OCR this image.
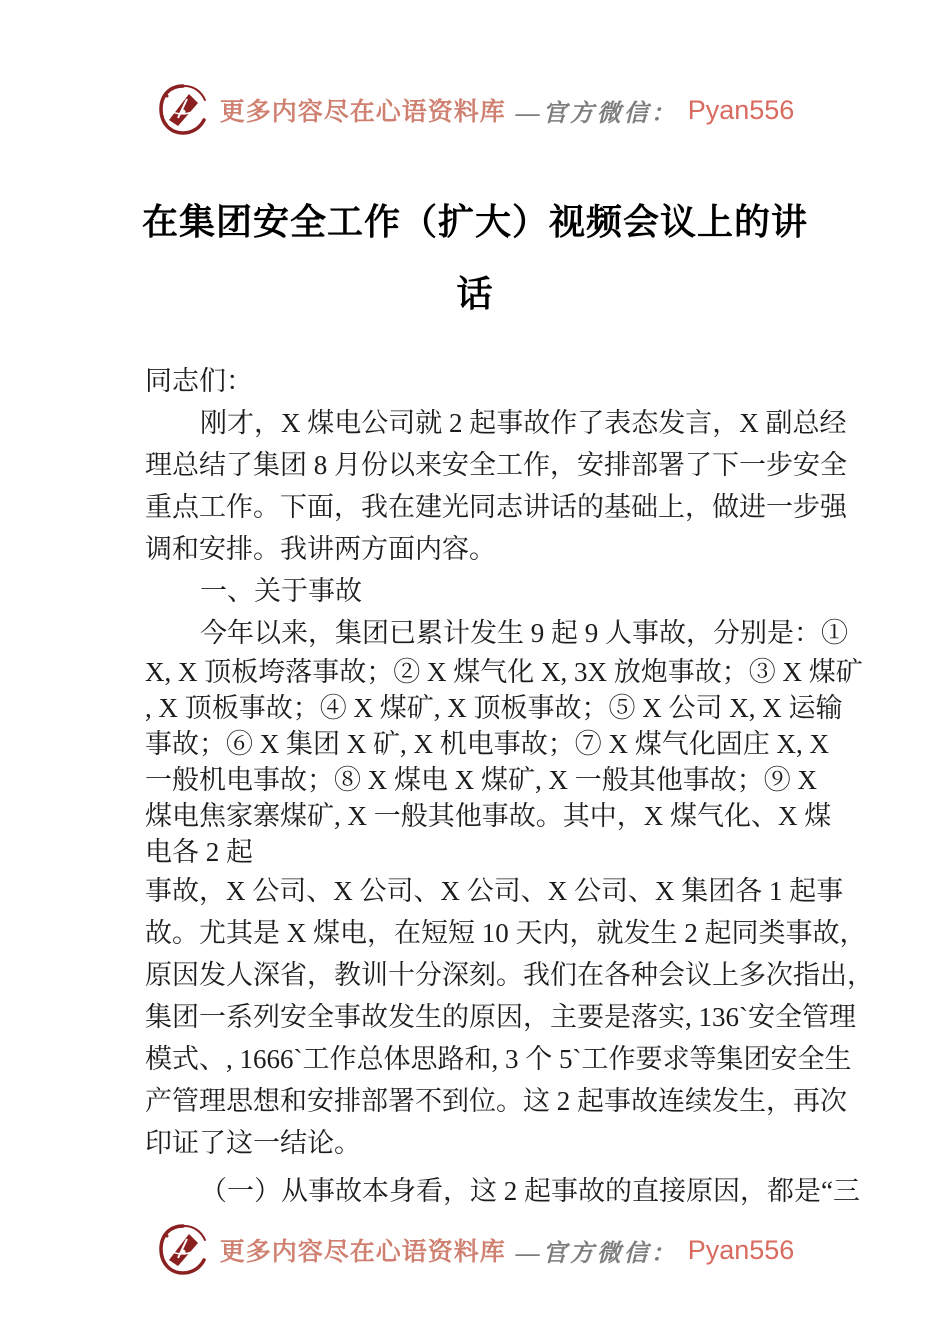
更多内容尽在心语资料库 —官方微信： Pyan556
在集团安全工作（扩大）视频会议上的讲
话
同志们：
刚才，X 煤电公司就 2 起事故作了表态发言，X 副总经
理总结了集团 8 月份以来安全工作，安排部署了下一步安全
重点工作。下面，我在建光同志讲话的基础上，做进一步强
调和安排。我讲两方面内容。
一、关于事故
今年以来，集团已累计发生 9 起 9 人事故，分别是：①
X, X 顶板垮落事故；② X 煤气化 X, 3X 放炮事故；③ X 煤矿
, X 顶板事故；④ X 煤矿, X 顶板事故；⑤ X 公司 X, X 运输
事故；⑥ X 集团 X 矿, X 机电事故；⑦ X 煤气化固庄 X, X
一般机电事故；⑧ X 煤电 X 煤矿, X 一般其他事故；⑨ X
煤电焦家寨煤矿, X 一般其他事故。其中，X 煤气化、X 煤
电各 2 起
事故，X 公司、X 公司、X 公司、X 公司、X 集团各 1 起事
故。尤其是 X 煤电，在短短 10 天内，就发生 2 起同类事故，
原因发人深省，教训十分深刻。我们在各种会议上多次指出，
集团一系列安全事故发生的原因，主要是落实, 136`安全管理
模式、, 1666`工作总体思路和, 3 个 5`工作要求等集团安全生
产管理思想和安排部署不到位。这 2 起事故连续发生，再次
印证了这一结论。
（一）从事故本身看，这 2 起事故的直接原因，都是“三
更多内容尽在心语资料库 —官方微信： Pyan556
